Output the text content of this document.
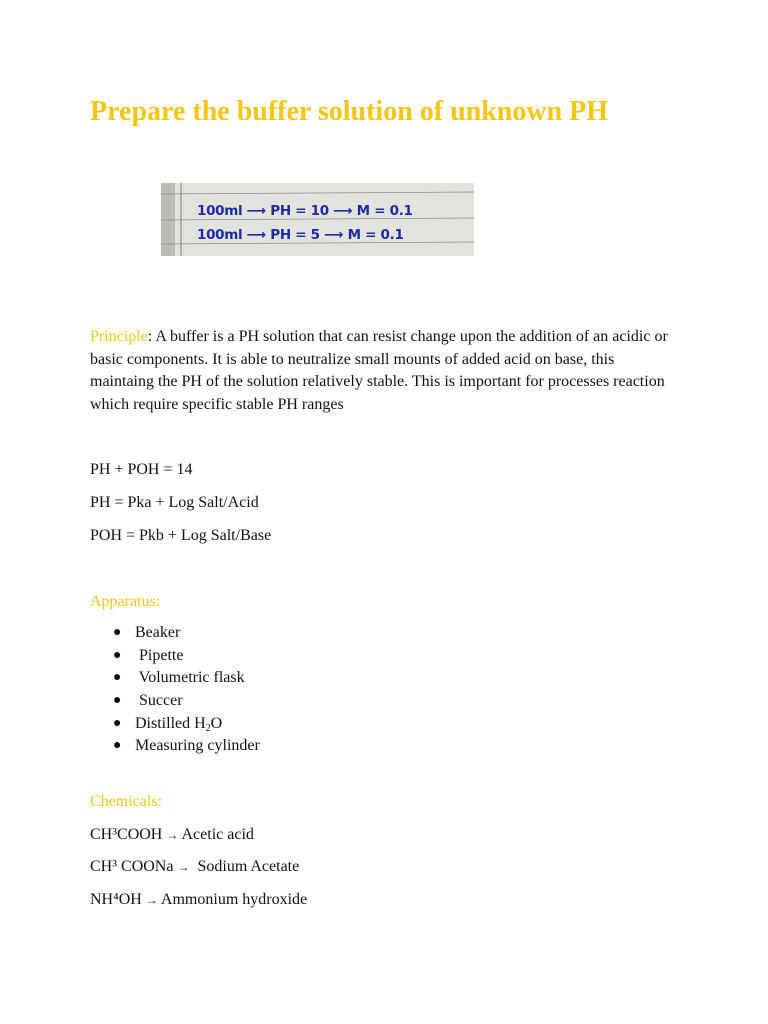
Prepare the buffer solution of unknown PH
100ml ⟶ PH = 10 ⟶ M = 0.1
100ml ⟶ PH = 5 ⟶ M = 0.1

Principle: A buffer is a PH solution that can resist change upon the addition of an acidic or basic components. It is able to neutralize small mounts of added acid on base, this maintaing the PH of the solution relatively stable. This is important for processes reaction which require specific stable PH ranges

PH + POH = 14

PH = Pka + Log Salt/Acid

POH = Pkb + Log Salt/Base

Apparatus:

● Beaker
● Pipette
● Volumetric flask
● Succer
● Distilled $H_2O$
● Measuring cylinder

Chemicals:

CH³COOH → Acetic acid

CH³ COONa → Sodium Acetate

NH⁴OH → Ammonium hydroxide
